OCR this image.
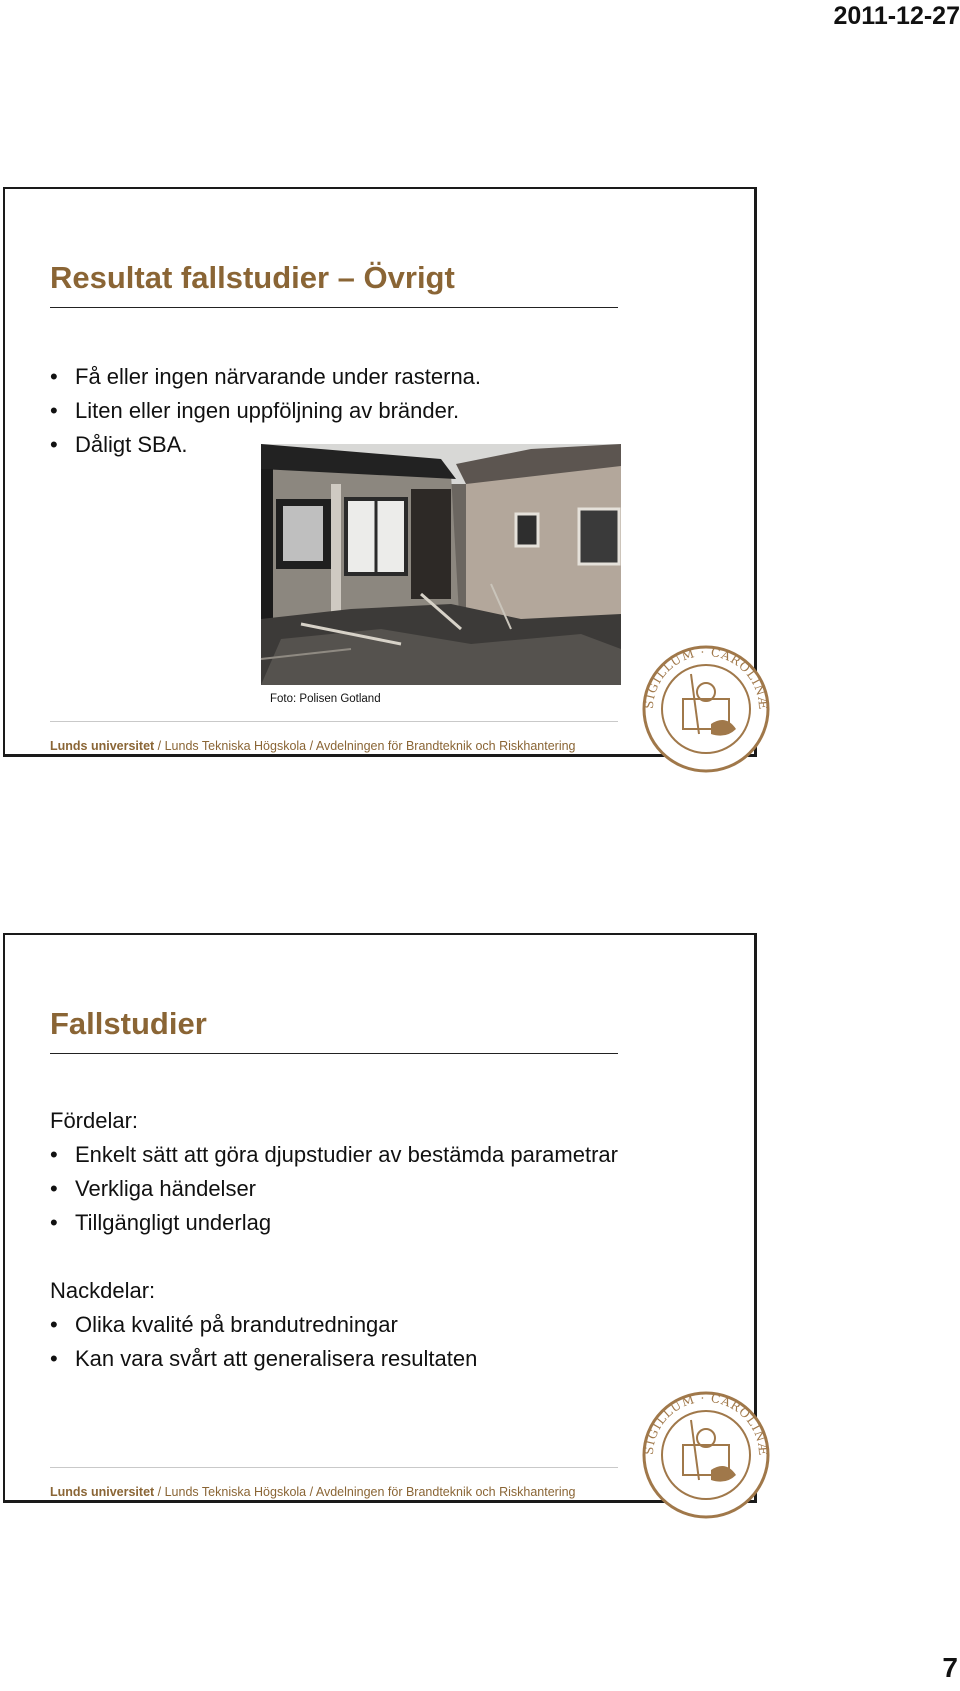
2011-12-27
Resultat fallstudier – Övrigt
• Få eller ingen närvarande under rasterna.
• Liten eller ingen uppföljning av bränder.
• Dåligt SBA.
Foto: Polisen Gotland
Lunds universitet / Lunds Tekniska Högskola / Avdelningen för Brandteknik och Riskhantering
SIGILLUM · CAROLINÆ
Fallstudier
Fördelar:
• Enkelt sätt att göra djupstudier av bestämda parametrar
• Verkliga händelser
• Tillgängligt underlag
Nackdelar:
• Olika kvalité på brandutredningar
• Kan vara svårt att generalisera resultaten
Lunds universitet / Lunds Tekniska Högskola / Avdelningen för Brandteknik och Riskhantering
SIGILLUM · CAROLINÆ
7
